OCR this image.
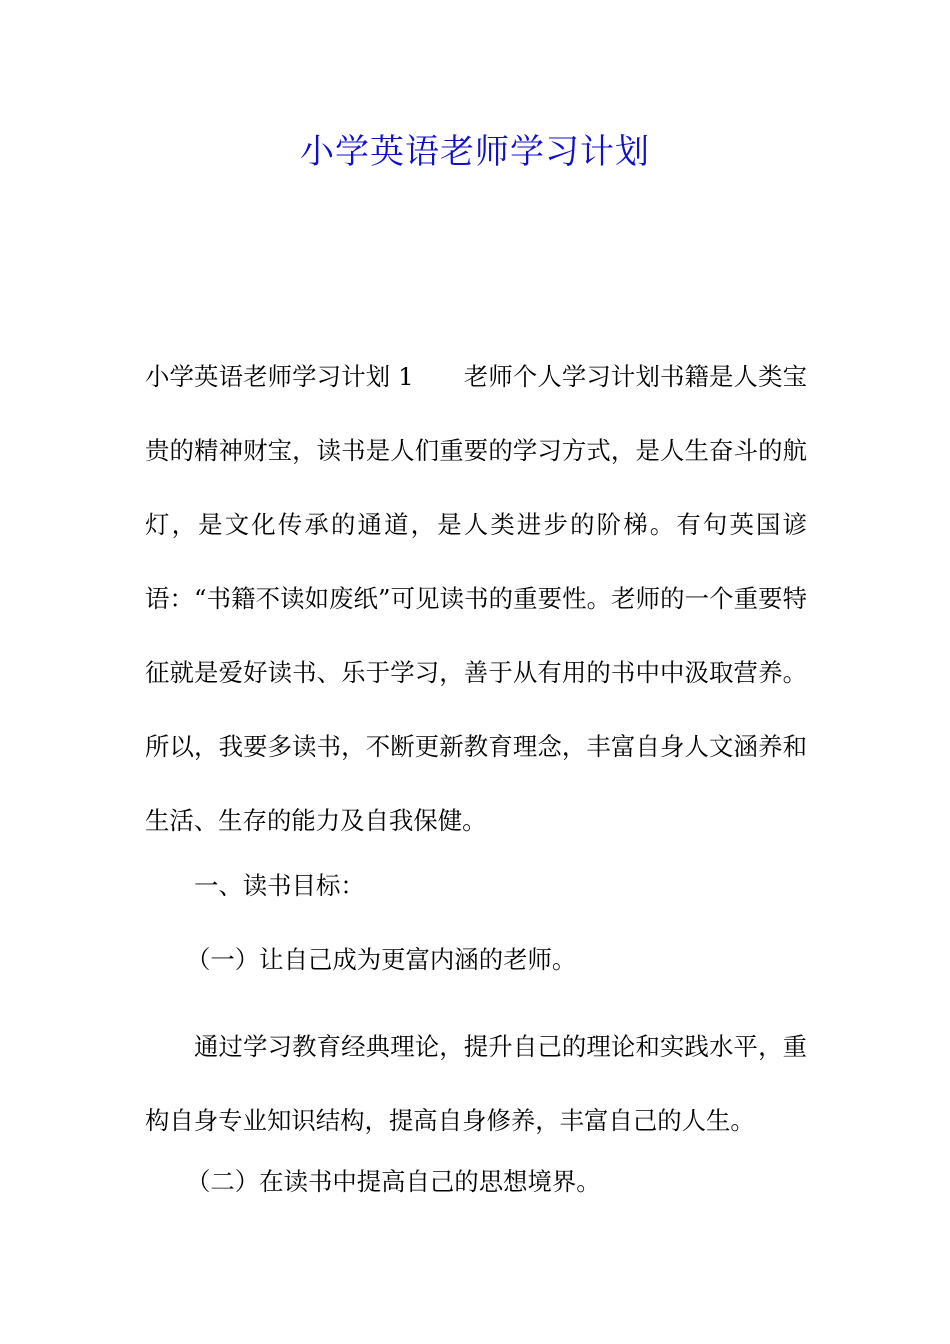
小学英语老师学习计划

小学英语老师学习计划 1 老师个人学习计划书籍是人类宝贵的精神财宝，读书是人们重要的学习方式，是人生奋斗的航灯，是文化传承的通道，是人类进步的阶梯。有句英国谚语：“书籍不读如废纸”可见读书的重要性。老师的一个重要特征就是爱好读书、乐于学习，善于从有用的书中中汲取营养。所以，我要多读书，不断更新教育理念，丰富自身人文涵养和生活、生存的能力及自我保健。

一、读书目标：

（一）让自己成为更富内涵的老师。

通过学习教育经典理论，提升自己的理论和实践水平，重构自身专业知识结构，提高自身修养，丰富自己的人生。

（二）在读书中提高自己的思想境界。
